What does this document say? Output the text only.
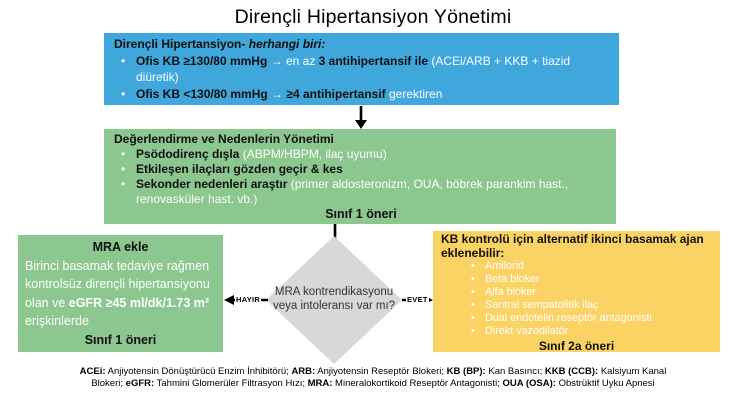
Dirençli Hipertansiyon Yönetimi
Dirençli Hipertansiyon- herhangi biri:
• Ofis KB ≥130/80 mmHg → en az 3 antihipertansif ile (ACEi/ARB + KKB + tiazid diüretik)
• Ofis KB <130/80 mmHg → ≥4 antihipertansif gerektiren
Değerlendirme ve Nedenlerin Yönetimi
• Psödodirenç dışla (ABPM/HBPM, ilaç uyumu)
• Etkileşen ilaçları gözden geçir & kes
• Sekonder nedenleri araştır (primer aldosteronizm, OUA, böbrek parankim hast., renovasküler hast. vb.)
Sınıf 1 öneri
MRA kontrendikasyonu
veya intoleransı var mı?
HAYIR	EVET
MRA ekle
Birinci basamak tedaviye rağmen kontrolsüz dirençli hipertansiyonu olan ve eGFR ≥45 ml/dk/1.73 m² erişkinlerde
Sınıf 1 öneri
KB kontrolü için alternatif ikinci basamak ajan eklenebilir:
• Amilorid
• Beta bloker
• Alfa bloker
• Santral sempatolitik ilaç
• Dual endotelin reseptör antagonisti
• Direkt vazodilatör
Sınıf 2a öneri
ACEi: Anjiyotensin Dönüştürücü Enzim İnhibitörü; ARB: Anjiyotensin Reseptör Blokeri; KB (BP): Kan Basıncı; KKB (CCB): Kalsiyum Kanal
Blokeri; eGFR: Tahmini Glomerüler Filtrasyon Hızı; MRA: Mineralokortikoid Reseptör Antagonisti; OUA (OSA): Obstrüktif Uyku Apnesi
